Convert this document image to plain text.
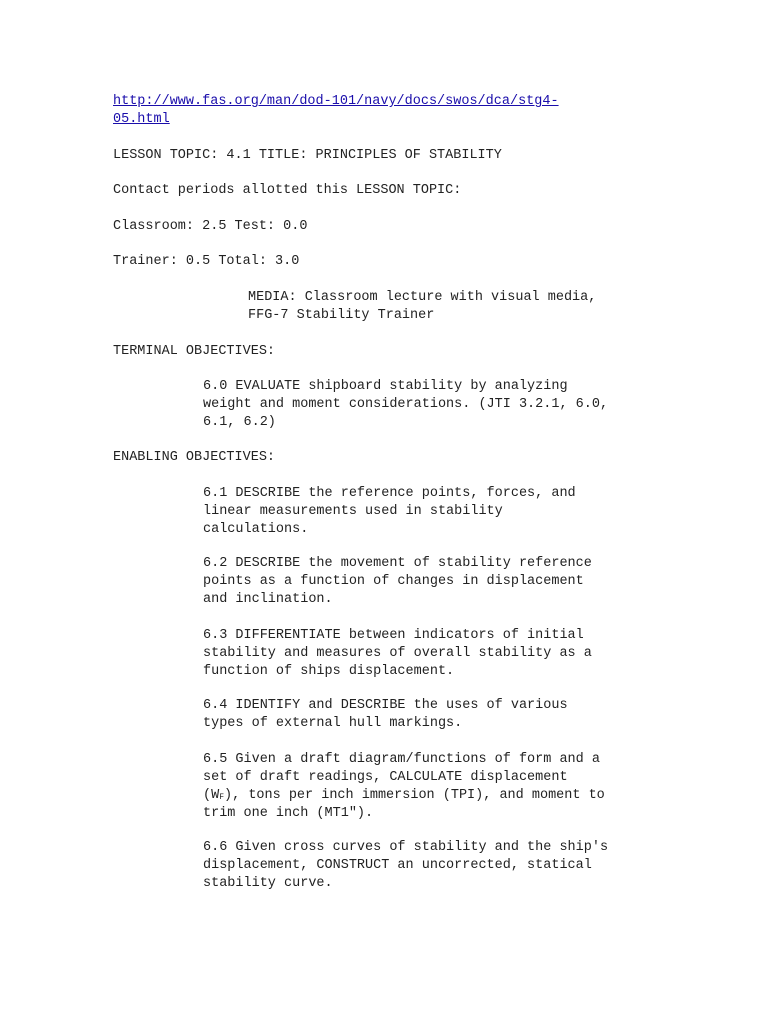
http://www.fas.org/man/dod-101/navy/docs/swos/dca/stg4-
05.html
LESSON TOPIC: 4.1 TITLE: PRINCIPLES OF STABILITY
Contact periods allotted this LESSON TOPIC:
Classroom: 2.5 Test: 0.0
Trainer: 0.5 Total: 3.0
MEDIA: Classroom lecture with visual media,
FFG-7 Stability Trainer
TERMINAL OBJECTIVES:
6.0 EVALUATE shipboard stability by analyzing
weight and moment considerations. (JTI 3.2.1, 6.0,
6.1, 6.2)
ENABLING OBJECTIVES:
6.1 DESCRIBE the reference points, forces, and
linear measurements used in stability
calculations.
6.2 DESCRIBE the movement of stability reference
points as a function of changes in displacement
and inclination.
6.3 DIFFERENTIATE between indicators of initial
stability and measures of overall stability as a
function of ships displacement.
6.4 IDENTIFY and DESCRIBE the uses of various
types of external hull markings.
6.5 Given a draft diagram/functions of form and a
set of draft readings, CALCULATE displacement
(WF), tons per inch immersion (TPI), and moment to
trim one inch (MT1").
6.6 Given cross curves of stability and the ship's
displacement, CONSTRUCT an uncorrected, statical
stability curve.
